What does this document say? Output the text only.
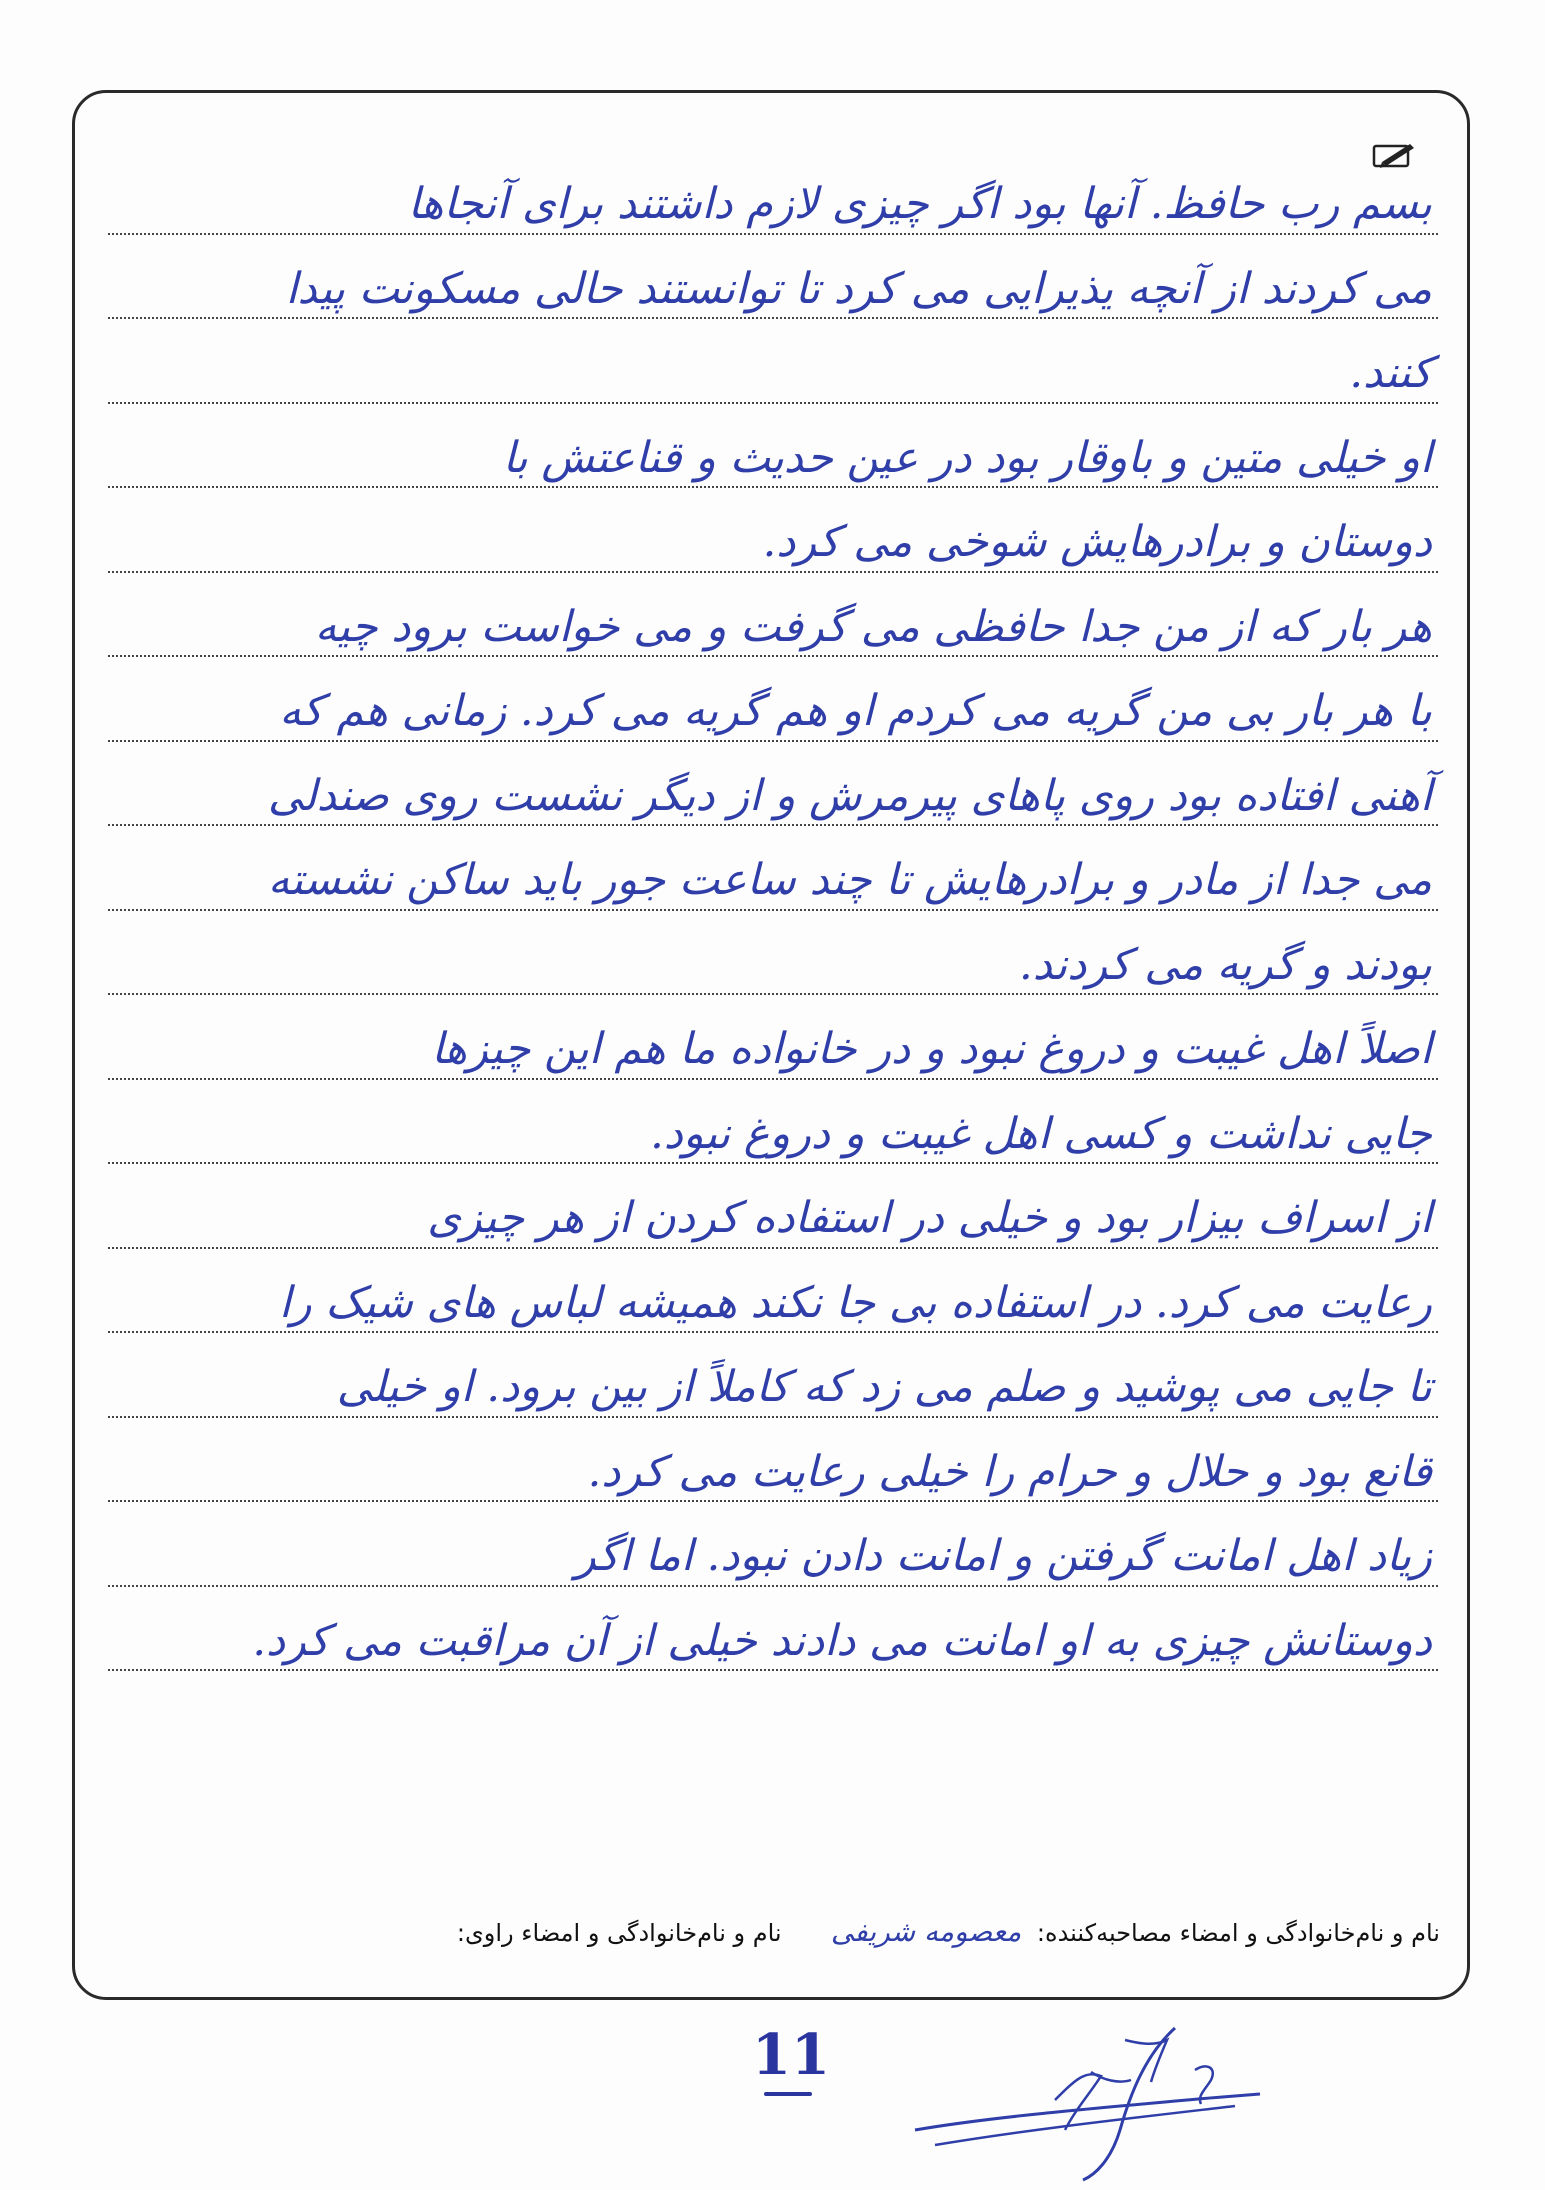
بسم رب حافظ. آنها بود اگر چیزی لازم داشتند برای آنجاها
می کردند از آنچه یذیرایی می کرد تا توانستند حالی مسکونت پیدا
کنند.
او خیلی متین و باوقار بود در عین حدیث و قناعتش با
دوستان و برادرهایش شوخی می کرد.
هر بار که از من جدا حافظی می گرفت و می خواست برود چیه
با هر بار بی من گریه می کردم او هم گریه می کرد. زمانی هم که
آهنی افتاده بود روی پاهای پیرمرش و از دیگر نشست روی صندلی
می جدا از مادر و برادرهایش تا چند ساعت جور باید ساکن نشسته
بودند و گریه می کردند.
اصلاً اهل غیبت و دروغ نبود و در خانواده ما هم این چیزها
جایی نداشت و کسی اهل غیبت و دروغ نبود.
از اسراف بیزار بود و خیلی در استفاده کردن از هر چیزی
رعایت می کرد. در استفاده بی جا نکند همیشه لباس های شیک را
تا جایی می پوشید و صلم می زد که کاملاً از بین برود. او خیلی
قانع بود و حلال و حرام را خیلی رعایت می کرد.
زیاد اهل امانت گرفتن و امانت دادن نبود. اما اگر
دوستانش چیزی به او امانت می دادند خیلی از آن مراقبت می کرد.
نام و نام‌خانوادگی و امضاء مصاحبه‌کننده: معصومه شریفی  نام و نام‌خانوادگی و امضاء راوی:
11
